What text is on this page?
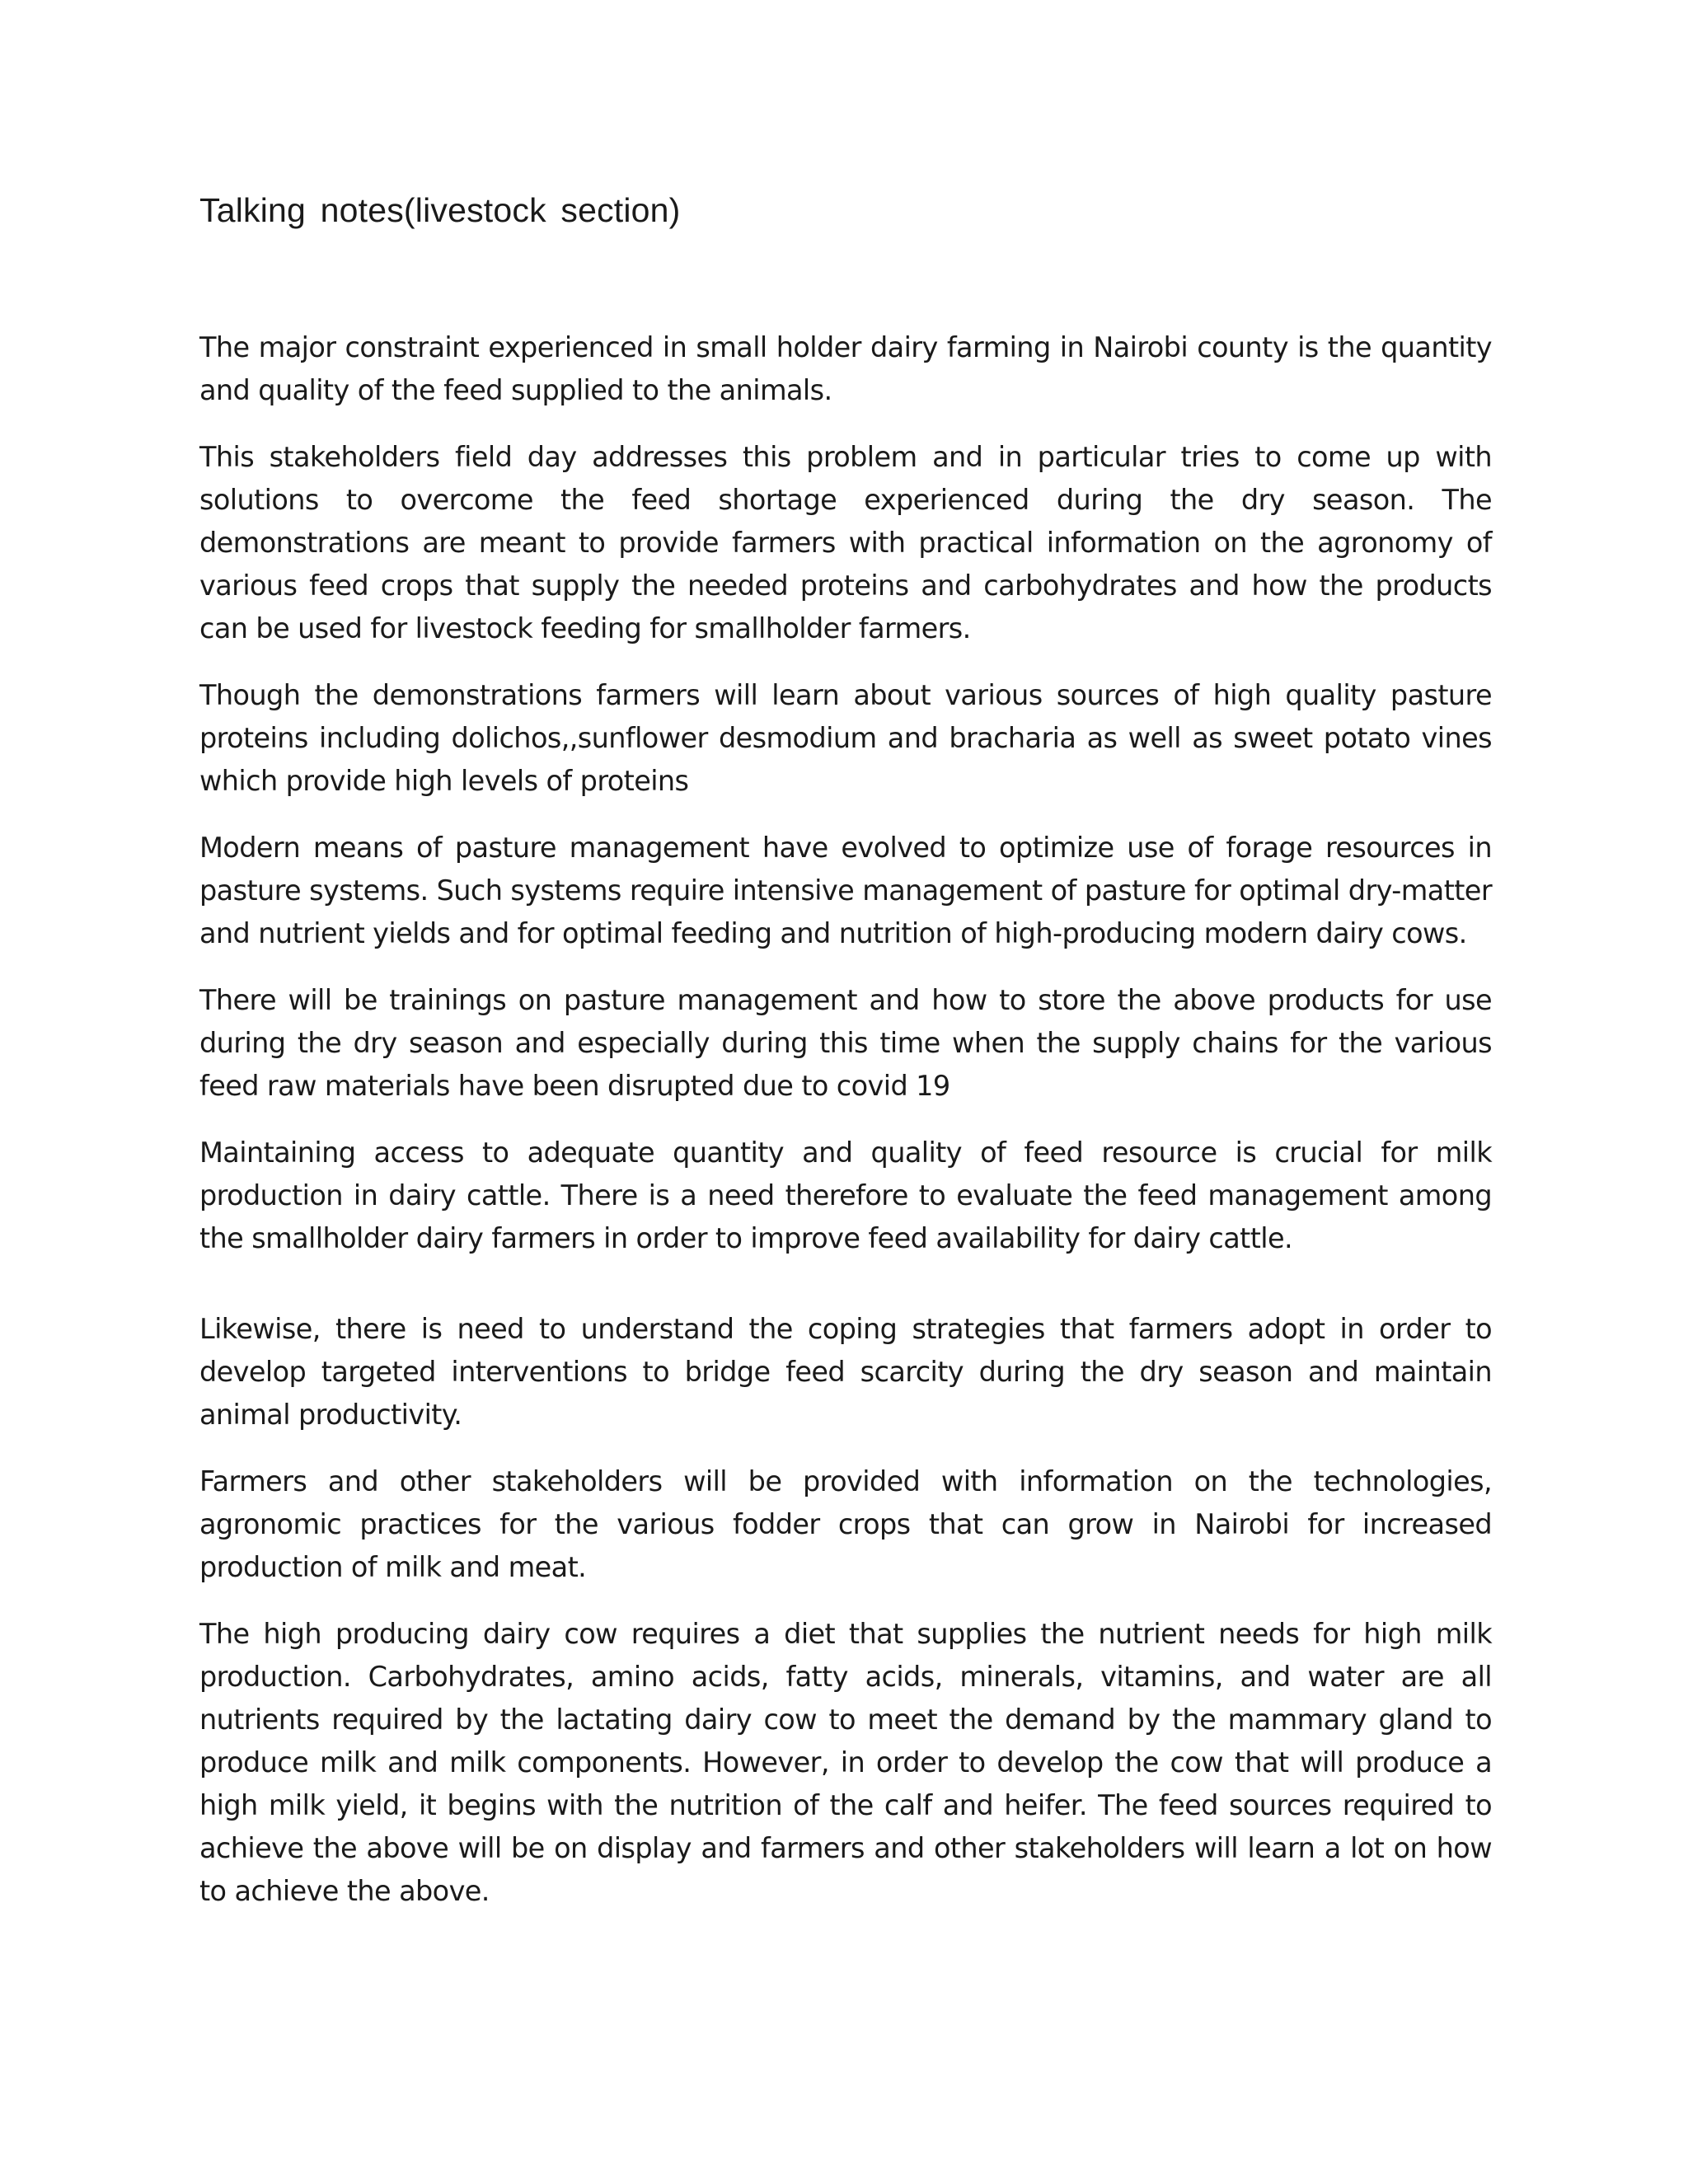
Talking notes(livestock section)

The major constraint experienced in small holder dairy farming in Nairobi county is the quantity and quality of the feed supplied to the animals.

This stakeholders field day addresses this problem and in particular tries to come up with solutions to overcome the feed shortage experienced during the dry season. The demonstrations are meant to provide farmers with practical information on the agronomy of various feed crops that supply the needed proteins and carbohydrates and how the products can be used for livestock feeding for smallholder farmers.

Though the demonstrations farmers will learn about various sources of high quality pasture proteins including dolichos,,sunflower desmodium and bracharia as well as sweet potato vines which provide high levels of proteins

Modern means of pasture management have evolved to optimize use of forage resources in pasture systems. Such systems require intensive management of pasture for optimal dry-matter and nutrient yields and for optimal feeding and nutrition of high-producing modern dairy cows.

There will be trainings on pasture management and how to store the above products for use during the dry season and especially during this time when the supply chains for the various feed raw materials have been disrupted due to covid 19

Maintaining access to adequate quantity and quality of feed resource is crucial for milk production in dairy cattle. There is a need therefore to evaluate the feed management among the smallholder dairy farmers in order to improve feed availability for dairy cattle.

Likewise, there is need to understand the coping strategies that farmers adopt in order to develop targeted interventions to bridge feed scarcity during the dry season and maintain animal productivity.

Farmers and other stakeholders will be provided with information on the technologies, agronomic practices for the various fodder crops that can grow in Nairobi for increased production of milk and meat.

The high producing dairy cow requires a diet that supplies the nutrient needs for high milk production. Carbohydrates, amino acids, fatty acids, minerals, vitamins, and water are all nutrients required by the lactating dairy cow to meet the demand by the mammary gland to produce milk and milk components. However, in order to develop the cow that will produce a high milk yield, it begins with the nutrition of the calf and heifer. The feed sources required to achieve the above will be on display and farmers and other stakeholders will learn a lot on how to achieve the above.
